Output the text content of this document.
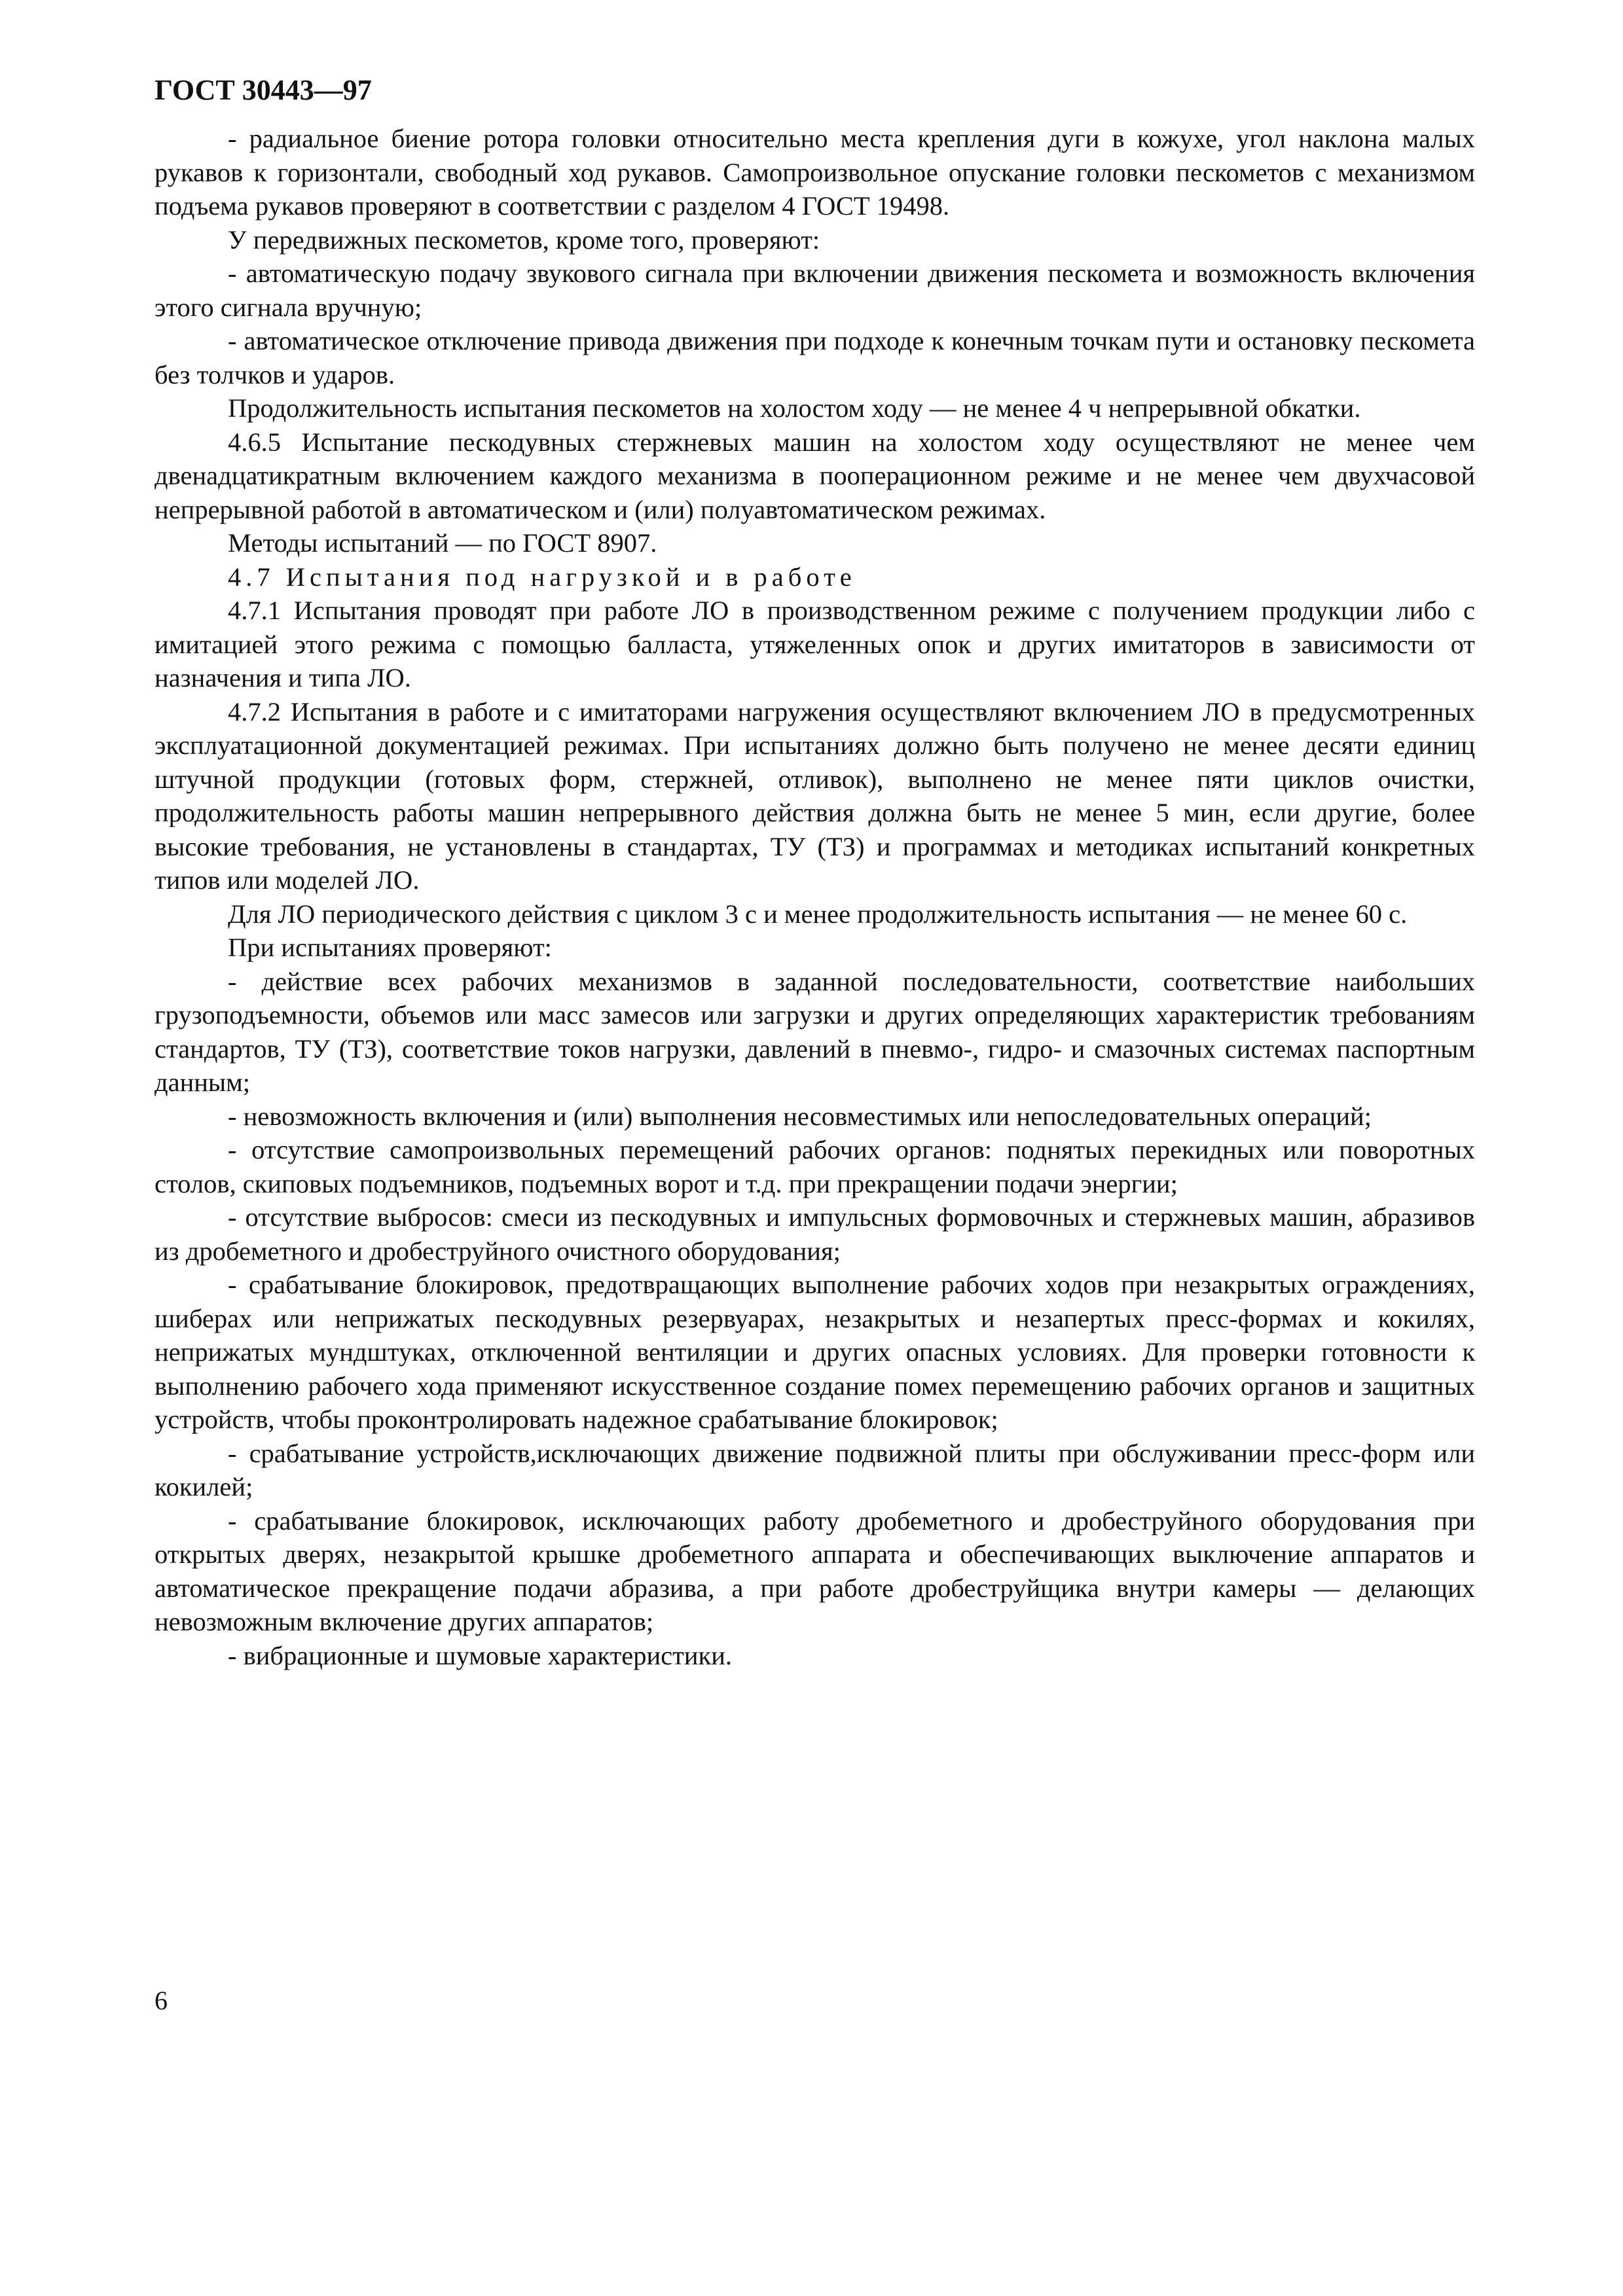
ГОСТ 30443—97

- радиальное биение ротора головки относительно места крепления дуги в кожухе, угол наклона малых рукавов к горизонтали, свободный ход рукавов. Самопроизвольное опускание головки пескометов с механизмом подъема рукавов проверяют в соответствии с разделом 4 ГОСТ 19498.

У передвижных пескометов, кроме того, проверяют:

- автоматическую подачу звукового сигнала при включении движения пескомета и возможность включения этого сигнала вручную;

- автоматическое отключение привода движения при подходе к конечным точкам пути и остановку пескомета без толчков и ударов.

Продолжительность испытания пескометов на холостом ходу — не менее 4 ч непрерывной обкатки.

4.6.5 Испытание пескодувных стержневых машин на холостом ходу осуществляют не менее чем двенадцатикратным включением каждого механизма в пооперационном режиме и не менее чем двухчасовой непрерывной работой в автоматическом и (или) полуавтоматическом режимах.

Методы испытаний — по ГОСТ 8907.

4.7 Испытания под нагрузкой и в работе

4.7.1 Испытания проводят при работе ЛО в производственном режиме с получением продукции либо с имитацией этого режима с помощью балласта, утяжеленных опок и других имитаторов в зависимости от назначения и типа ЛО.

4.7.2 Испытания в работе и с имитаторами нагружения осуществляют включением ЛО в предусмотренных эксплуатационной документацией режимах. При испытаниях должно быть получено не менее десяти единиц штучной продукции (готовых форм, стержней, отливок), выполнено не менее пяти циклов очистки, продолжительность работы машин непрерывного действия должна быть не менее 5 мин, если другие, более высокие требования, не установлены в стандартах, ТУ (ТЗ) и программах и методиках испытаний конкретных типов или моделей ЛО.

Для ЛО периодического действия с циклом 3 с и менее продолжительность испытания — не менее 60 с.

При испытаниях проверяют:

- действие всех рабочих механизмов в заданной последовательности, соответствие наибольших грузоподъемности, объемов или масс замесов или загрузки и других определяющих характеристик требованиям стандартов, ТУ (ТЗ), соответствие токов нагрузки, давлений в пневмо-, гидро- и смазочных системах паспортным данным;

- невозможность включения и (или) выполнения несовместимых или непоследовательных операций;

- отсутствие самопроизвольных перемещений рабочих органов: поднятых перекидных или поворотных столов, скиповых подъемников, подъемных ворот и т.д. при прекращении подачи энергии;

- отсутствие выбросов: смеси из пескодувных и импульсных формовочных и стержневых машин, абразивов из дробеметного и дробеструйного очистного оборудования;

- срабатывание блокировок, предотвращающих выполнение рабочих ходов при незакрытых ограждениях, шиберах или неприжатых пескодувных резервуарах, незакрытых и незапертых пресс-формах и кокилях, неприжатых мундштуках, отключенной вентиляции и других опасных условиях. Для проверки готовности к выполнению рабочего хода применяют искусственное создание помех перемещению рабочих органов и защитных устройств, чтобы проконтролировать надежное срабатывание блокировок;

- срабатывание устройств,исключающих движение подвижной плиты при обслуживании пресс-форм или кокилей;

- срабатывание блокировок, исключающих работу дробеметного и дробеструйного оборудования при открытых дверях, незакрытой крышке дробеметного аппарата и обеспечивающих выключение аппаратов и автоматическое прекращение подачи абразива, а при работе дробеструйщика внутри камеры — делающих невозможным включение других аппаратов;

- вибрационные и шумовые характеристики.

6
